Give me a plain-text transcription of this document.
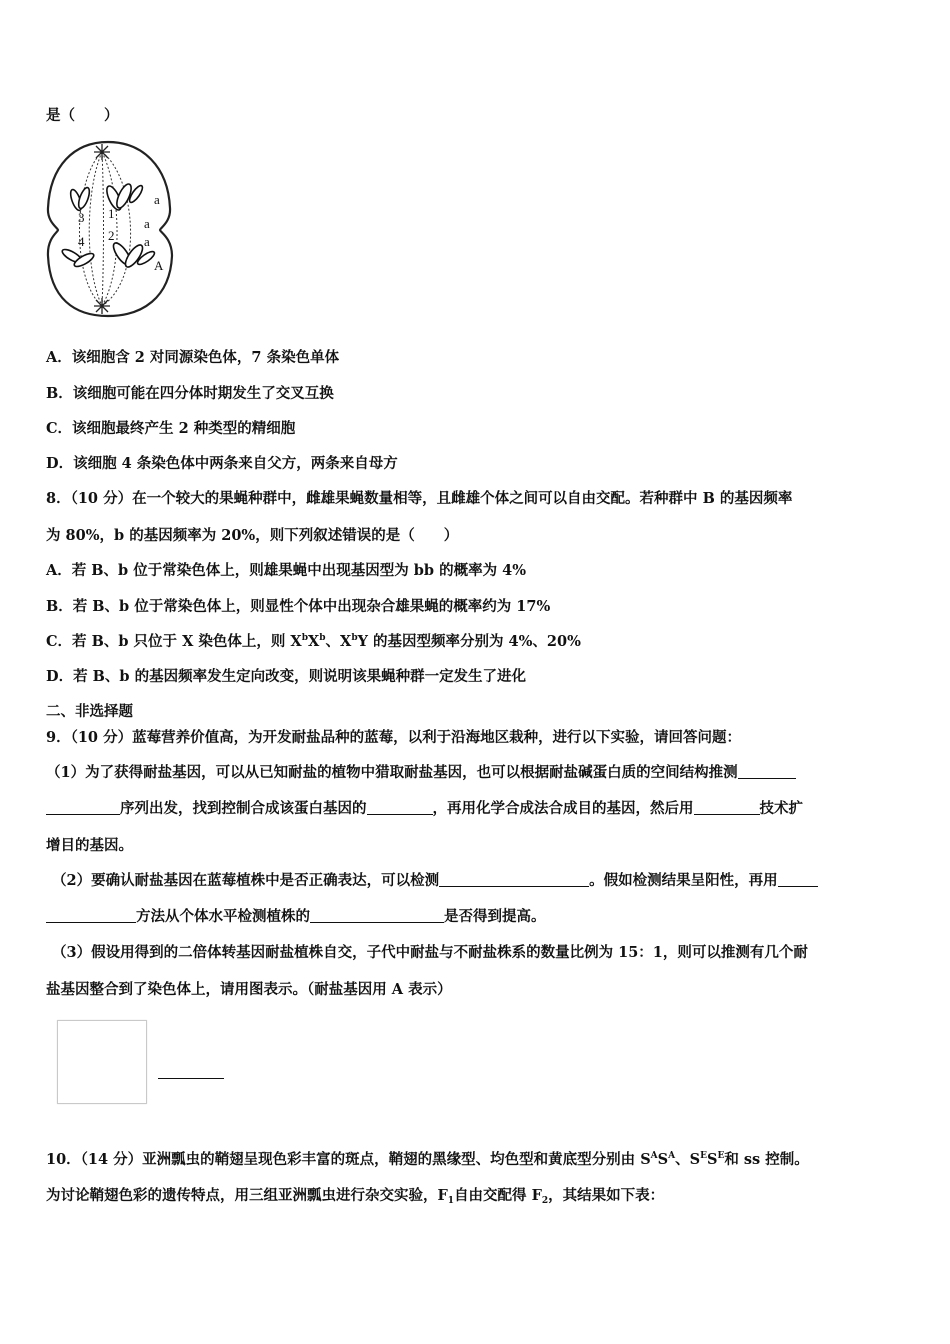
是（　　）
3
4
1
2
a
a
a
A
A．该细胞含 2 对同源染色体，7 条染色单体
B．该细胞可能在四分体时期发生了交叉互换
C．该细胞最终产生 2 种类型的精细胞
D．该细胞 4 条染色体中两条来自父方，两条来自母方
8．（10 分）在一个较大的果蝇种群中，雌雄果蝇数量相等，且雌雄个体之间可以自由交配。若种群中 B 的基因频率
为 80%，b 的基因频率为 20%，则下列叙述错误的是（　　）
A．若 B、b 位于常染色体上，则雄果蝇中出现基因型为 bb 的概率为 4%
B．若 B、b 位于常染色体上，则显性个体中出现杂合雄果蝇的概率约为 17%
C．若 B、b 只位于 X 染色体上，则 $X^bX^b$、$X^bY$ 的基因型频率分别为 4%、20%
D．若 B、b 的基因频率发生定向改变，则说明该果蝇种群一定发生了进化
二、非选择题
9．（10 分）蓝莓营养价值高，为开发耐盐品种的蓝莓，以利于沿海地区栽种，进行以下实验，请回答问题：
（1）为了获得耐盐基因，可以从已知耐盐的植物中猎取耐盐基因，也可以根据耐盐碱蛋白质的空间结构推测
序列出发，找到控制合成该蛋白基因的	，再用化学合成法合成目的基因，然后用	技术扩
增目的基因。
（2）要确认耐盐基因在蓝莓植株中是否正确表达，可以检测	。假如检测结果呈阳性，再用
方法从个体水平检测植株的	是否得到提高。
（3）假设用得到的二倍体转基因耐盐植株自交，子代中耐盐与不耐盐株系的数量比例为 15：1，则可以推测有几个耐
盐基因整合到了染色体上，请用图表示。（耐盐基因用 A 表示）
10．（14 分）亚洲瓢虫的鞘翅呈现色彩丰富的斑点，鞘翅的黑缘型、均色型和黄底型分别由 $S^AS^A$、$S^ES^E$和 ss 控制。
为讨论鞘翅色彩的遗传特点，用三组亚洲瓢虫进行杂交实验，$F_1$自由交配得 $F_2$，其结果如下表：
